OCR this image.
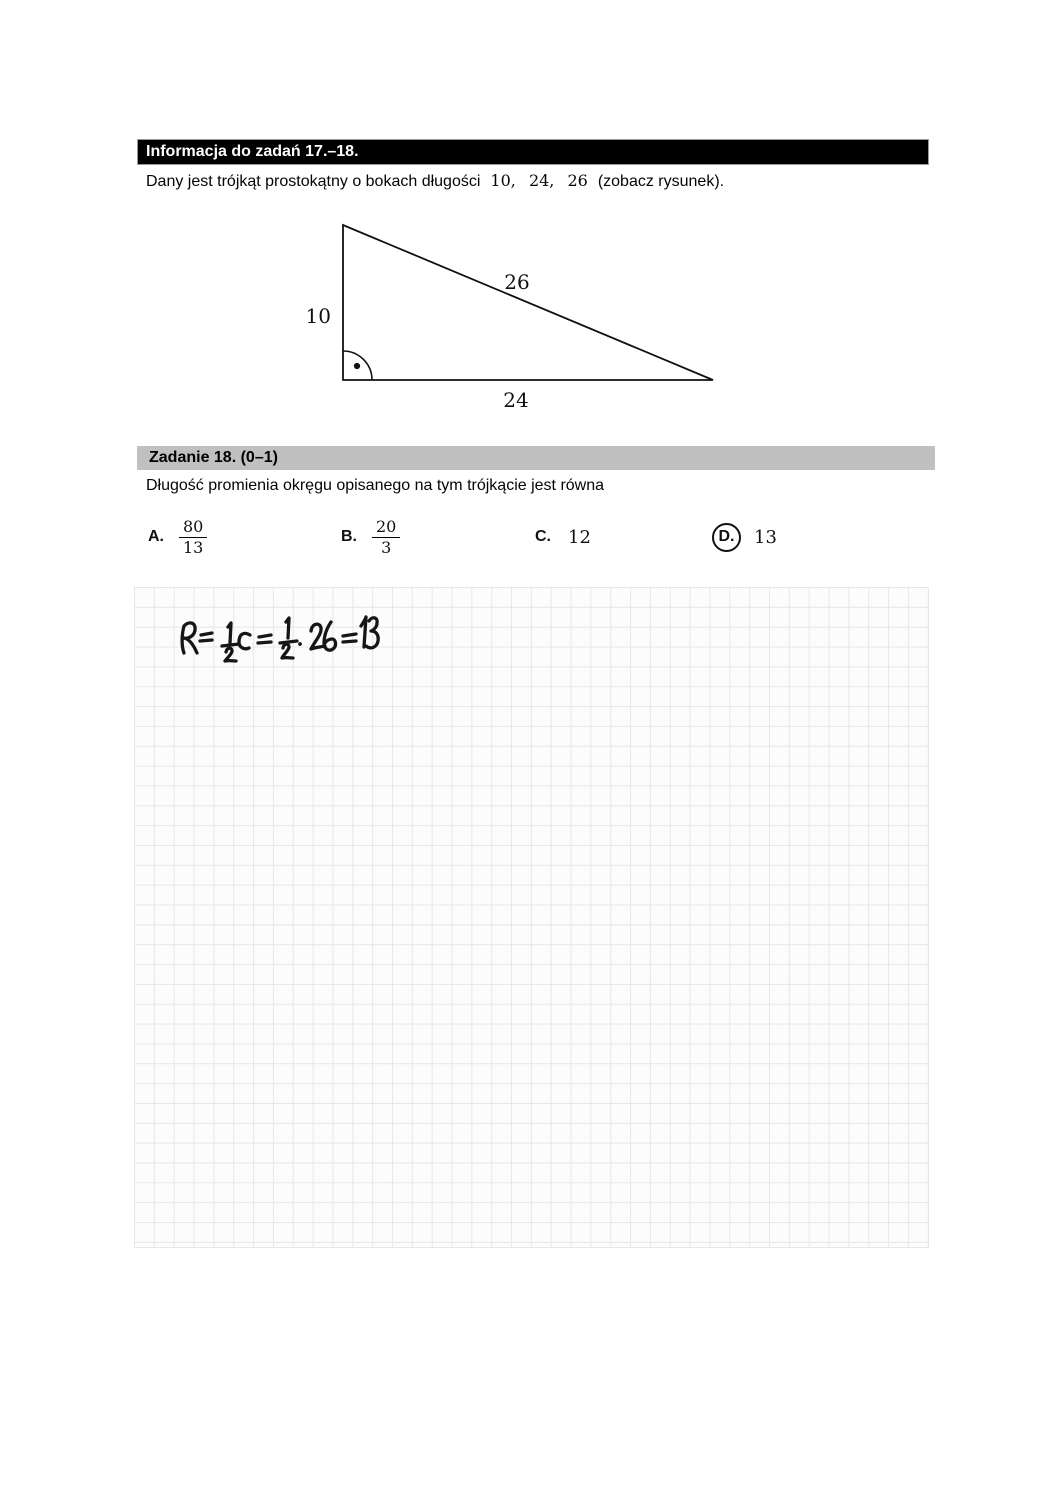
Informacja do zadań 17.–18.
Dany jest trójkąt prostokątny o bokach długości 10, 24, 26 (zobacz rysunek).
10
26
24
Zadanie 18. (0–1)
Długość promienia okręgu opisanego na tym trójkącie jest równa
A. $\frac{80}{13}$	B. $\frac{20}{3}$	C. 12	D. 13
